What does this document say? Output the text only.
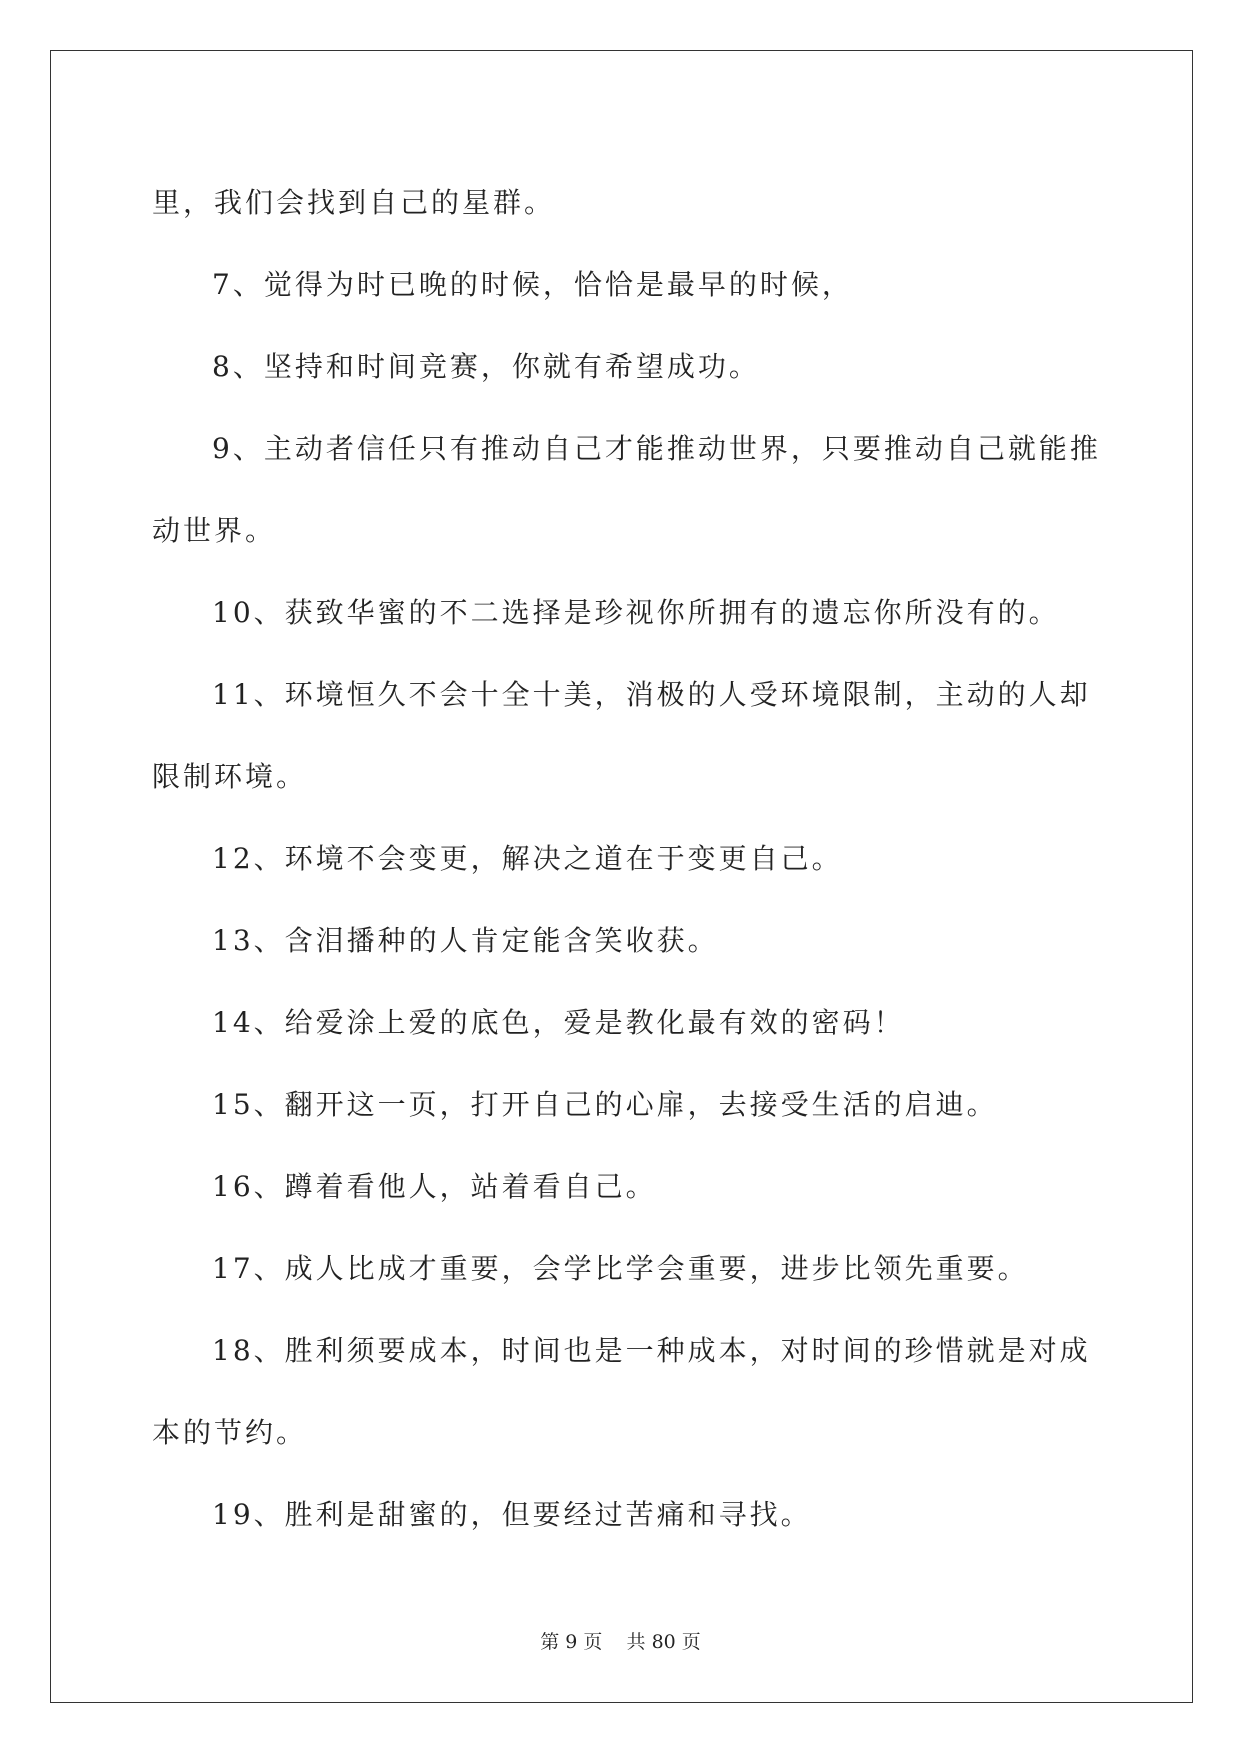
里，我们会找到自己的星群。

7、觉得为时已晚的时候，恰恰是最早的时候，

8、坚持和时间竞赛，你就有希望成功。

9、主动者信任只有推动自己才能推动世界，只要推动自己就能推

动世界。

10、获致华蜜的不二选择是珍视你所拥有的遗忘你所没有的。

11、环境恒久不会十全十美，消极的人受环境限制，主动的人却

限制环境。

12、环境不会变更，解决之道在于变更自己。

13、含泪播种的人肯定能含笑收获。

14、给爱涂上爱的底色，爱是教化最有效的密码！

15、翻开这一页，打开自己的心扉，去接受生活的启迪。

16、蹲着看他人，站着看自己。

17、成人比成才重要，会学比学会重要，进步比领先重要。

18、胜利须要成本，时间也是一种成本，对时间的珍惜就是对成

本的节约。

19、胜利是甜蜜的，但要经过苦痛和寻找。

第 9 页 共 80 页
